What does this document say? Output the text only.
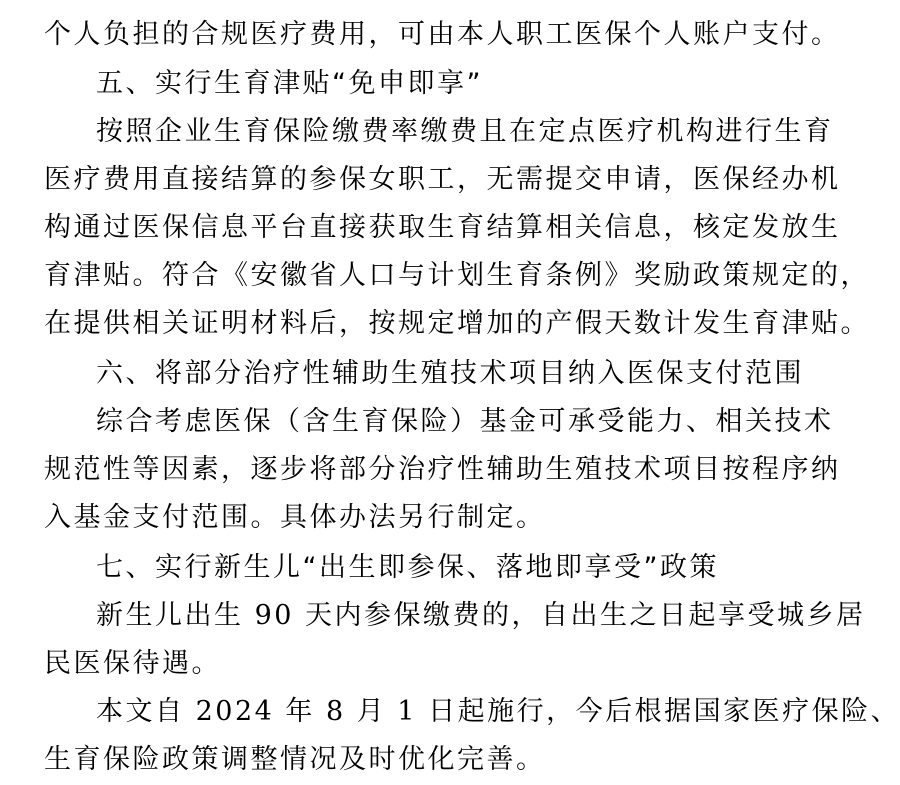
个人负担的合规医疗费用，可由本人职工医保个人账户支付。
五、实行生育津贴“免申即享”
按照企业生育保险缴费率缴费且在定点医疗机构进行生育
医疗费用直接结算的参保女职工，无需提交申请，医保经办机
构通过医保信息平台直接获取生育结算相关信息，核定发放生
育津贴。符合《安徽省人口与计划生育条例》奖励政策规定的，
在提供相关证明材料后，按规定增加的产假天数计发生育津贴。
六、将部分治疗性辅助生殖技术项目纳入医保支付范围
综合考虑医保（含生育保险）基金可承受能力、相关技术
规范性等因素，逐步将部分治疗性辅助生殖技术项目按程序纳
入基金支付范围。具体办法另行制定。
七、实行新生儿“出生即参保、落地即享受”政策
新生儿出生 90 天内参保缴费的，自出生之日起享受城乡居
民医保待遇。
本文自 2024 年 8 月 1 日起施行，今后根据国家医疗保险、
生育保险政策调整情况及时优化完善。
